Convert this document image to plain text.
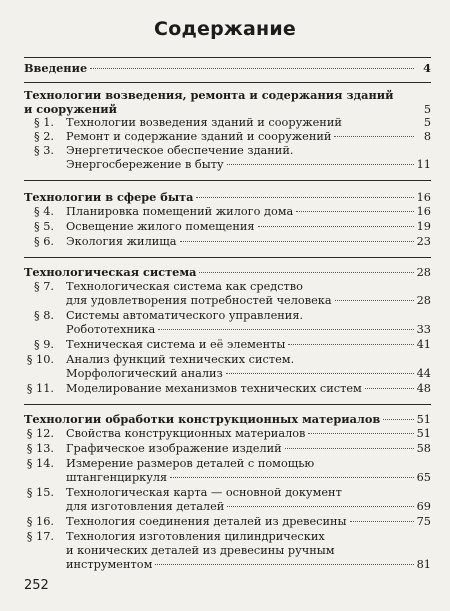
Содержание
Введение	4
Технологии возведения, ремонта и содержания зданий
и сооружений	5
§ 1.	Технологии возведения зданий и сооружений	5
§ 2.	Ремонт и содержание зданий и сооружений	8
§ 3.	Энергетическое обеспечение зданий.
Энергосбережение в быту	11
Технологии в сфере быта	16
§ 4.	Планировка помещений жилого дома	16
§ 5.	Освещение жилого помещения	19
§ 6.	Экология жилища	23
Технологическая система	28
§ 7.	Технологическая система как средство
для удовлетворения потребностей человека	28
§ 8.	Системы автоматического управления.
Робототехника	33
§ 9.	Техническая система и её элементы	41
§ 10.	Анализ функций технических систем.
Морфологический анализ	44
§ 11.	Моделирование механизмов технических систем	48
Технологии обработки конструкционных материалов	51
§ 12.	Свойства конструкционных материалов	51
§ 13.	Графическое изображение изделий	58
§ 14.	Измерение размеров деталей с помощью
штангенциркуля	65
§ 15.	Технологическая карта — основной документ
для изготовления деталей	69
§ 16.	Технология соединения деталей из древесины	75
§ 17.	Технология изготовления цилиндрических
и конических деталей из древесины ручным
инструментом	81
252
